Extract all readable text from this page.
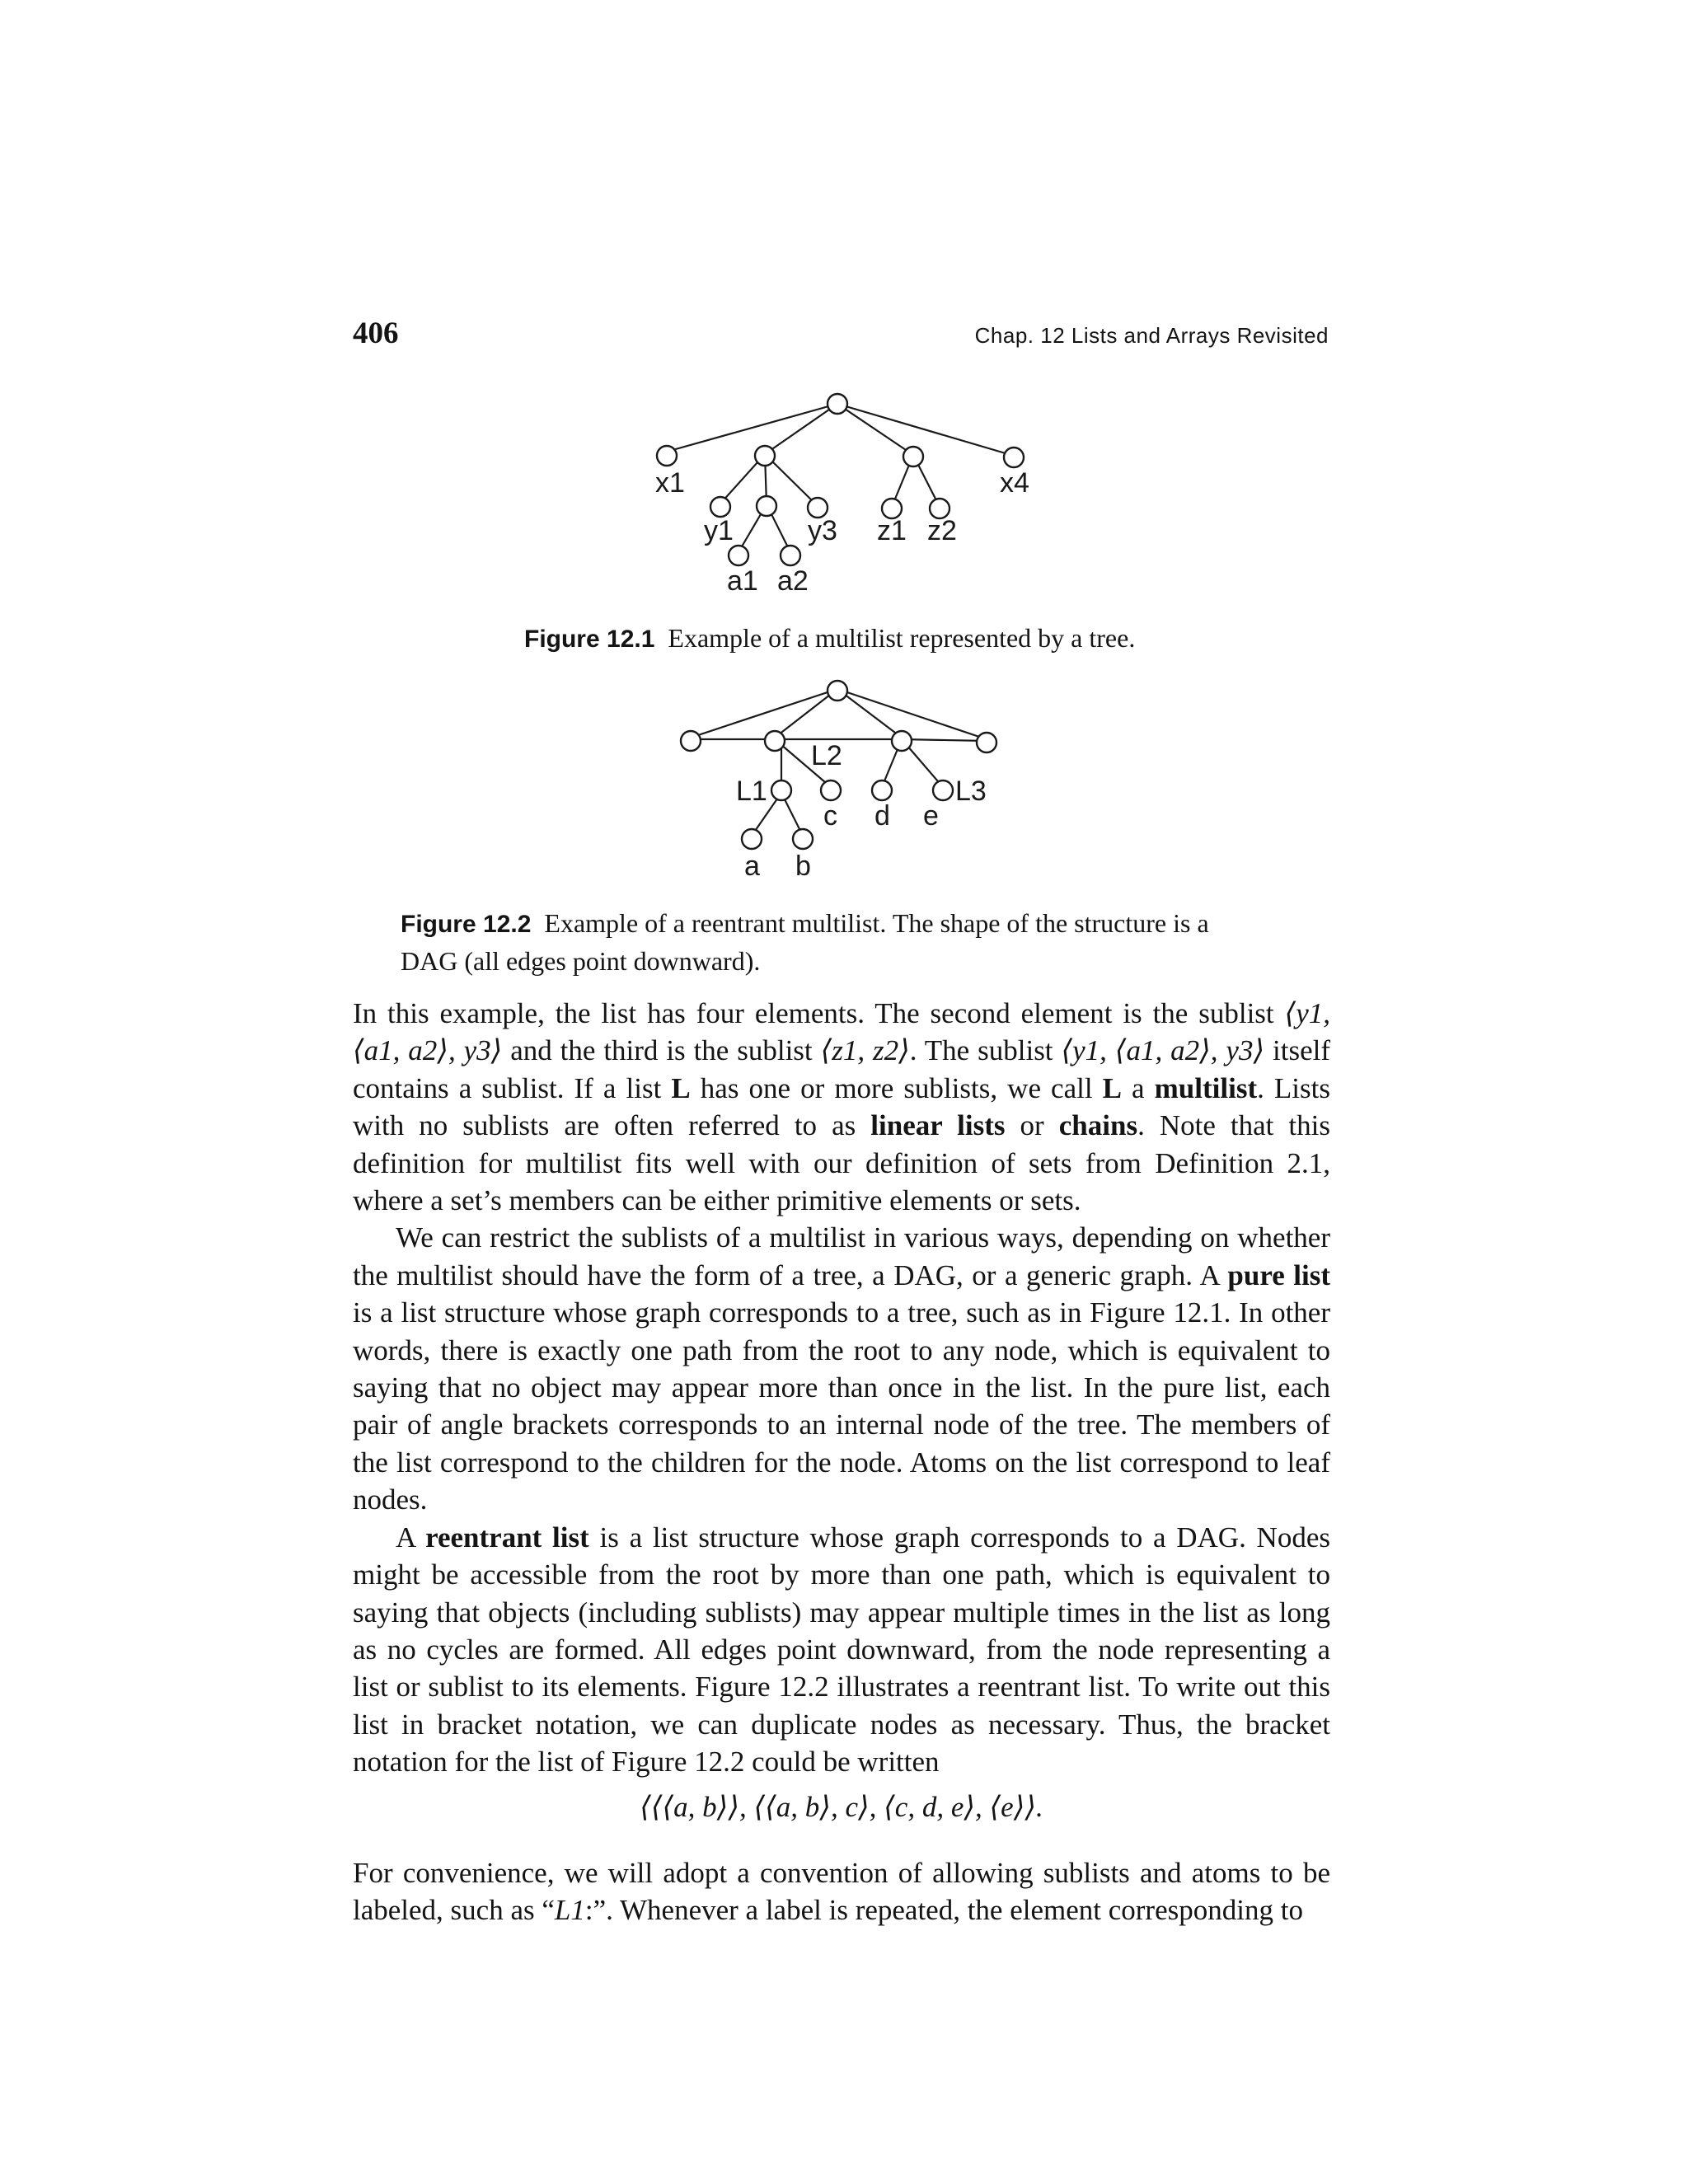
406	Chap. 12 Lists and Arrays Revisited
x1	x4
y1	y3 z1 z2
a1 a2
Figure 12.1 Example of a multilist represented by a tree.
L2
L1	L3
c d e
a b
Figure 12.2 Example of a reentrant multilist. The shape of the structure is a
DAG (all edges point downward).

In this example, the list has four elements. The second element is the sublist ⟨y1, ⟨a1, a2⟩, y3⟩ and the third is the sublist ⟨z1, z2⟩. The sublist ⟨y1, ⟨a1, a2⟩, y3⟩ itself contains a sublist. If a list L has one or more sublists, we call L a multilist. Lists with no sublists are often referred to as linear lists or chains. Note that this definition for multilist fits well with our definition of sets from Definition 2.1, where a set’s members can be either primitive elements or sets.

We can restrict the sublists of a multilist in various ways, depending on whether the multilist should have the form of a tree, a DAG, or a generic graph. A pure list is a list structure whose graph corresponds to a tree, such as in Figure 12.1. In other words, there is exactly one path from the root to any node, which is equivalent to saying that no object may appear more than once in the list. In the pure list, each pair of angle brackets corresponds to an internal node of the tree. The members of the list correspond to the children for the node. Atoms on the list correspond to leaf nodes.

A reentrant list is a list structure whose graph corresponds to a DAG. Nodes might be accessible from the root by more than one path, which is equivalent to saying that objects (including sublists) may appear multiple times in the list as long as no cycles are formed. All edges point downward, from the node representing a list or sublist to its elements. Figure 12.2 illustrates a reentrant list. To write out this list in bracket notation, we can duplicate nodes as necessary. Thus, the bracket notation for the list of Figure 12.2 could be written

⟨⟨⟨a, b⟩⟩, ⟨⟨a, b⟩, c⟩, ⟨c, d, e⟩, ⟨e⟩⟩.

For convenience, we will adopt a convention of allowing sublists and atoms to be labeled, such as “L1:”. Whenever a label is repeated, the element corresponding to
